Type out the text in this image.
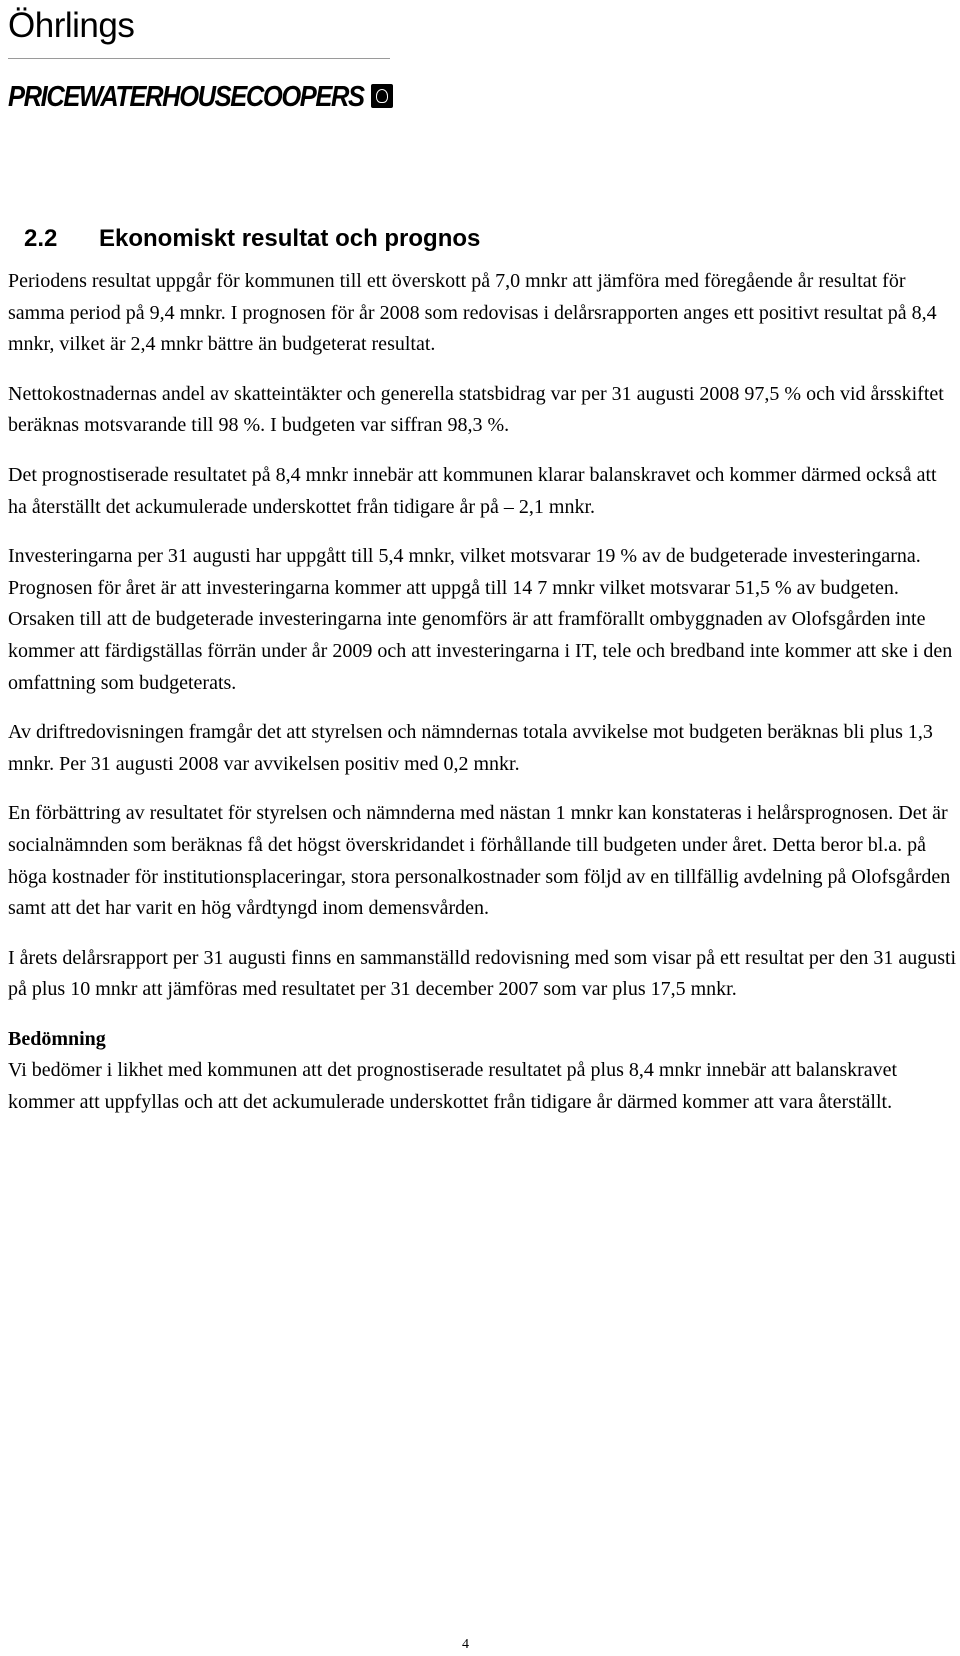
Öhrlings
PRICEWATERHOUSECOOPERS
2.2 Ekonomiskt resultat och prognos

Periodens resultat uppgår för kommunen till ett överskott på 7,0 mnkr att jämföra med föregående år resultat för samma period på 9,4 mnkr. I prognosen för år 2008 som redovisas i delårsrapporten anges ett positivt resultat på 8,4 mnkr, vilket är 2,4 mnkr bättre än budgeterat resultat.

Nettokostnadernas andel av skatteintäkter och generella statsbidrag var per 31 augusti 2008 97,5 % och vid årsskiftet beräknas motsvarande till 98 %. I budgeten var siffran 98,3 %.

Det prognostiserade resultatet på 8,4 mnkr innebär att kommunen klarar balanskravet och kommer därmed också att ha återställt det ackumulerade underskottet från tidigare år på – 2,1 mnkr.

Investeringarna per 31 augusti har uppgått till 5,4 mnkr, vilket motsvarar 19 % av de budgeterade investeringarna. Prognosen för året är att investeringarna kommer att uppgå till 14 7 mnkr vilket motsvarar 51,5 % av budgeten. Orsaken till att de budgeterade investeringarna inte genomförs är att framförallt ombyggnaden av Olofsgården inte kommer att färdigställas förrän under år 2009 och att investeringarna i IT, tele och bredband inte kommer att ske i den omfattning som budgeterats.

Av driftredovisningen framgår det att styrelsen och nämndernas totala avvikelse mot budgeten beräknas bli plus 1,3 mnkr. Per 31 augusti 2008 var avvikelsen positiv med 0,2 mnkr.

En förbättring av resultatet för styrelsen och nämnderna med nästan 1 mnkr kan konstateras i helårsprognosen. Det är socialnämnden som beräknas få det högst överskridandet i förhållande till budgeten under året. Detta beror bl.a. på höga kostnader för institutionsplaceringar, stora personalkostnader som följd av en tillfällig avdelning på Olofsgården samt att det har varit en hög vårdtyngd inom demensvården.

I årets delårsrapport per 31 augusti finns en sammanställd redovisning med som visar på ett resultat per den 31 augusti på plus 10 mnkr att jämföras med resultatet per 31 december 2007 som var plus 17,5 mnkr.

Bedömning

Vi bedömer i likhet med kommunen att det prognostiserade resultatet på plus 8,4 mnkr innebär att balanskravet kommer att uppfyllas och att det ackumulerade underskottet från tidigare år därmed kommer att vara återställt.

4
